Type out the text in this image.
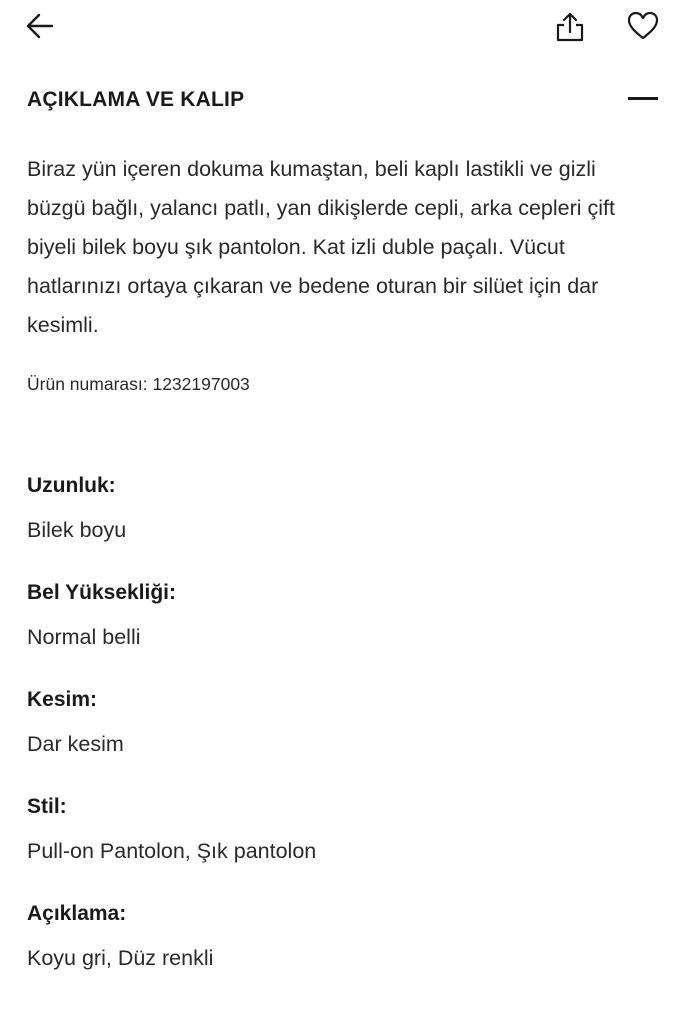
AÇIKLAMA VE KALIP

Biraz yün içeren dokuma kumaştan, beli kaplı lastikli ve gizli büzgü bağlı, yalancı patlı, yan dikişlerde cepli, arka cepleri çift biyeli bilek boyu şık pantolon. Kat izli duble paçalı. Vücut hatlarınızı ortaya çıkaran ve bedene oturan bir silüet için dar kesimli.

Ürün numarası: 1232197003
Uzunluk:
Bilek boyu
Bel Yüksekliği:
Normal belli
Kesim:
Dar kesim
Stil:
Pull-on Pantolon, Şık pantolon
Açıklama:
Koyu gri, Düz renkli
